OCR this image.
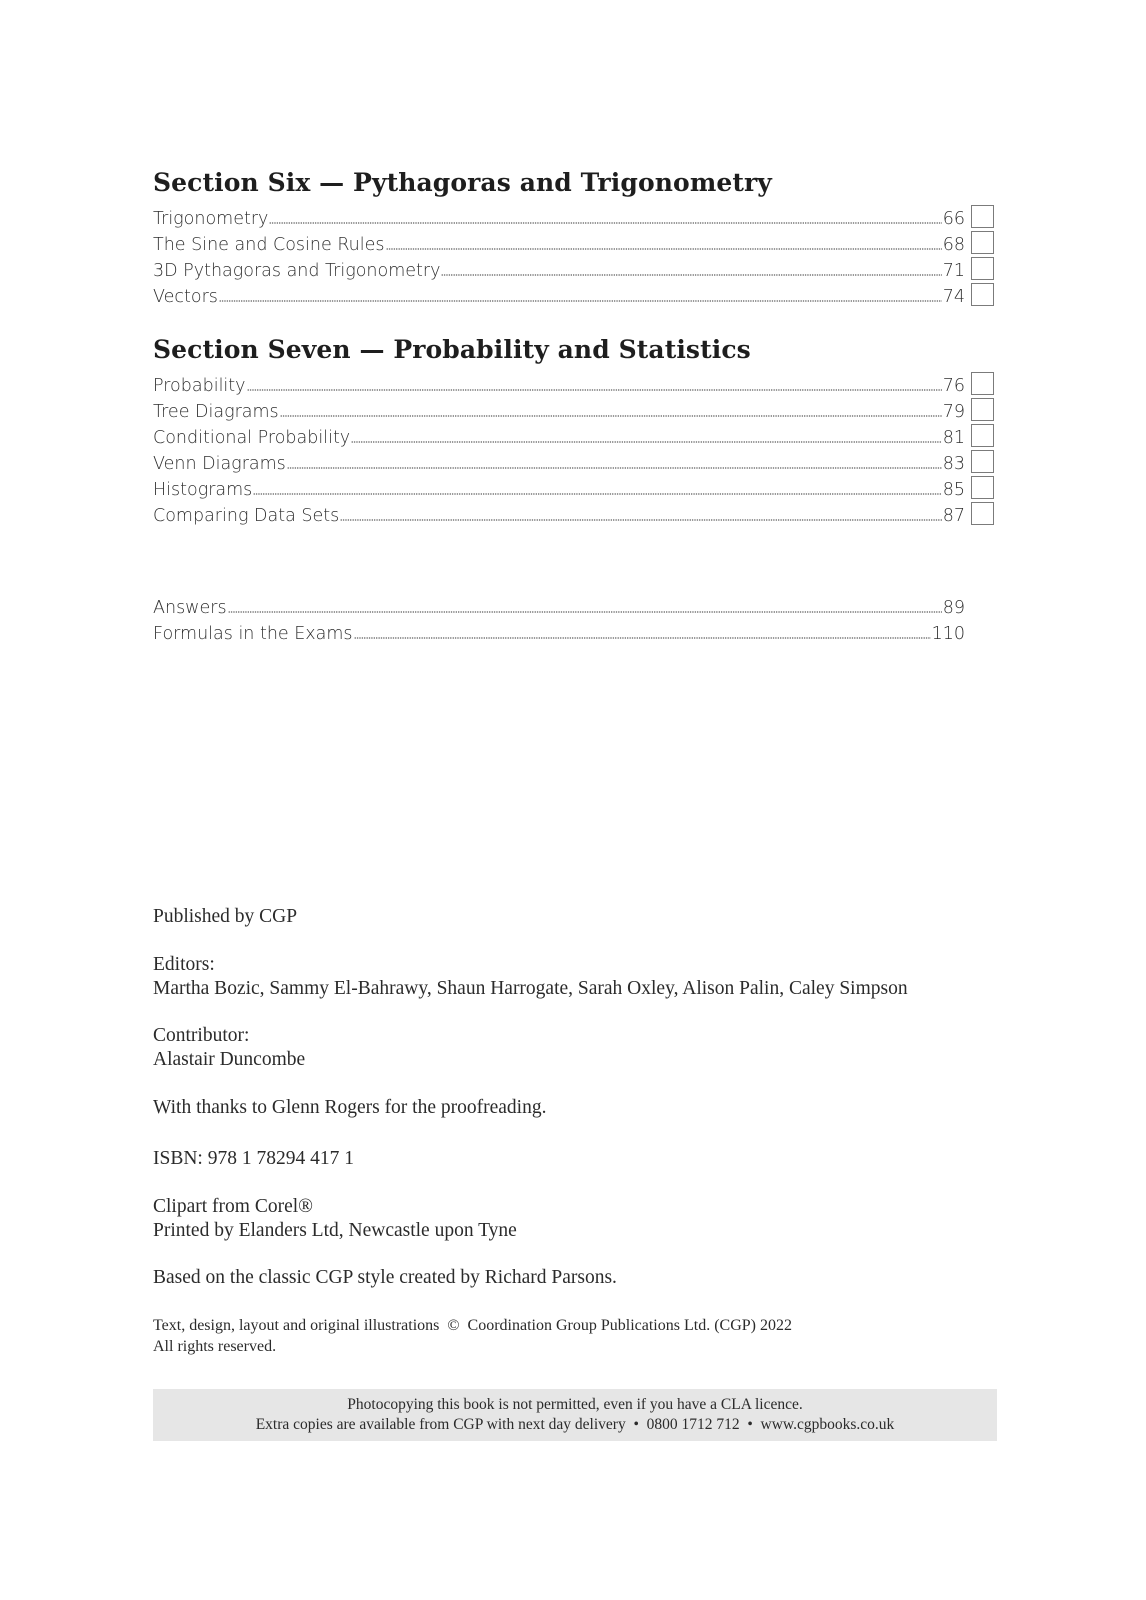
Section Six — Pythagoras and Trigonometry
Trigonometry	66
The Sine and Cosine Rules	68
3D Pythagoras and Trigonometry	71
Vectors	74
Section Seven — Probability and Statistics
Probability	76
Tree Diagrams	79
Conditional Probability	81
Venn Diagrams	83
Histograms	85
Comparing Data Sets	87
Answers	89
Formulas in the Exams	110

Published by CGP

Editors:

Martha Bozic, Sammy El-Bahrawy, Shaun Harrogate, Sarah Oxley, Alison Palin, Caley Simpson

Contributor:

Alastair Duncombe

With thanks to Glenn Rogers for the proofreading.

ISBN: 978 1 78294 417 1

Clipart from Corel®

Printed by Elanders Ltd, Newcastle upon Tyne

Based on the classic CGP style created by Richard Parsons.

Text, design, layout and original illustrations  ©  Coordination Group Publications Ltd. (CGP) 2022

All rights reserved.

Photocopying this book is not permitted, even if you have a CLA licence.
Extra copies are available from CGP with next day delivery  •  0800 1712 712  •  www.cgpbooks.co.uk
